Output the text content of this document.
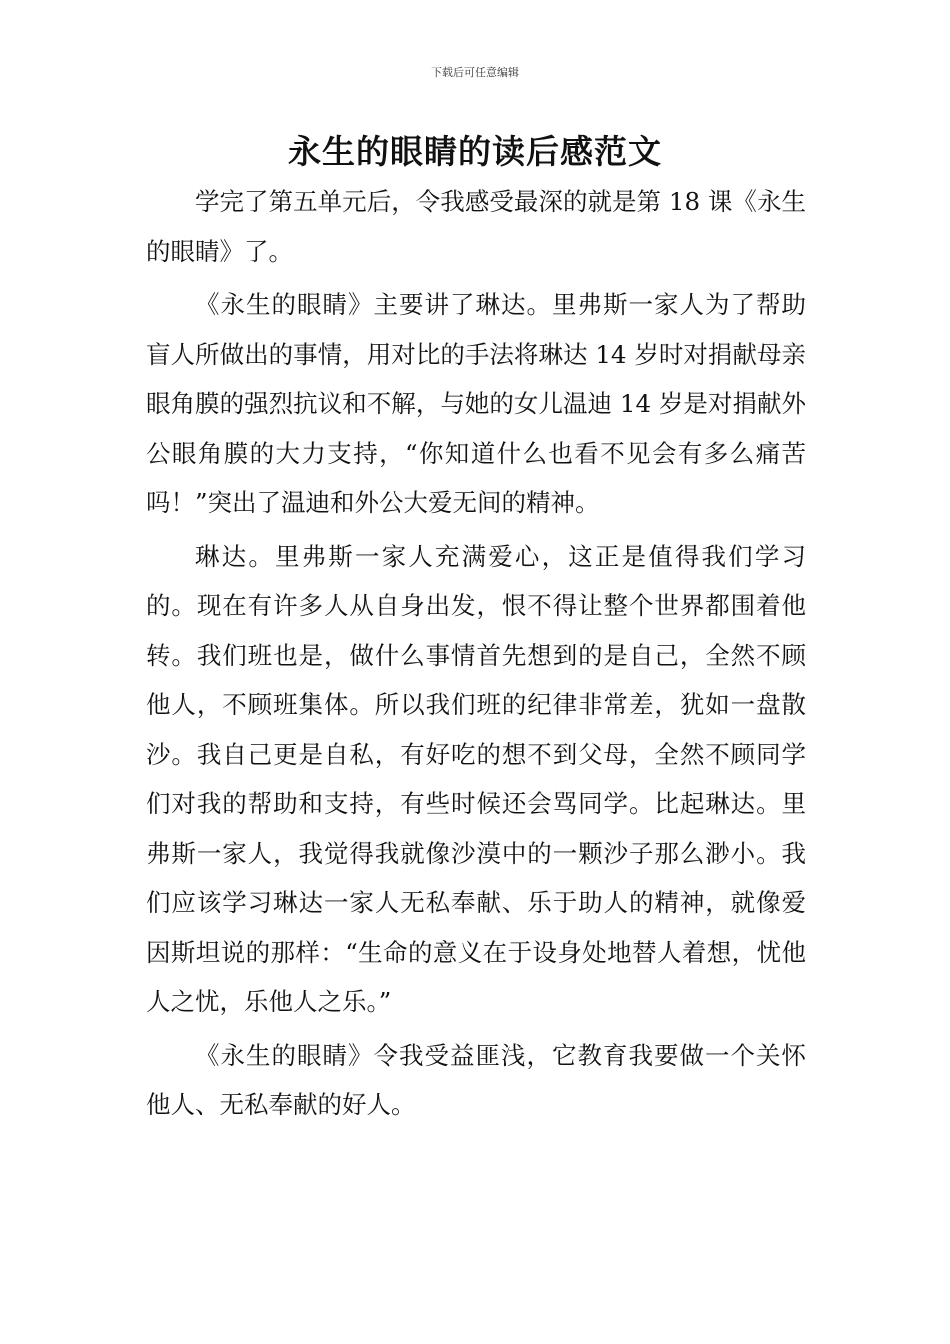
下载后可任意编辑
永生的眼睛的读后感范文

学完了第五单元后，令我感受最深的就是第 18 课《永生的眼睛》了。

《永生的眼睛》主要讲了琳达。里弗斯一家人为了帮助盲人所做出的事情，用对比的手法将琳达 14 岁时对捐献母亲眼角膜的强烈抗议和不解，与她的女儿温迪 14 岁是对捐献外公眼角膜的大力支持，“你知道什么也看不见会有多么痛苦吗！”突出了温迪和外公大爱无间的精神。

琳达。里弗斯一家人充满爱心，这正是值得我们学习的。现在有许多人从自身出发，恨不得让整个世界都围着他转。我们班也是，做什么事情首先想到的是自己，全然不顾他人，不顾班集体。所以我们班的纪律非常差，犹如一盘散沙。我自己更是自私，有好吃的想不到父母，全然不顾同学们对我的帮助和支持，有些时候还会骂同学。比起琳达。里弗斯一家人，我觉得我就像沙漠中的一颗沙子那么渺小。我们应该学习琳达一家人无私奉献、乐于助人的精神，就像爱因斯坦说的那样：“生命的意义在于设身处地替人着想，忧他人之忧，乐他人之乐。”

《永生的眼睛》令我受益匪浅，它教育我要做一个关怀他人、无私奉献的好人。
